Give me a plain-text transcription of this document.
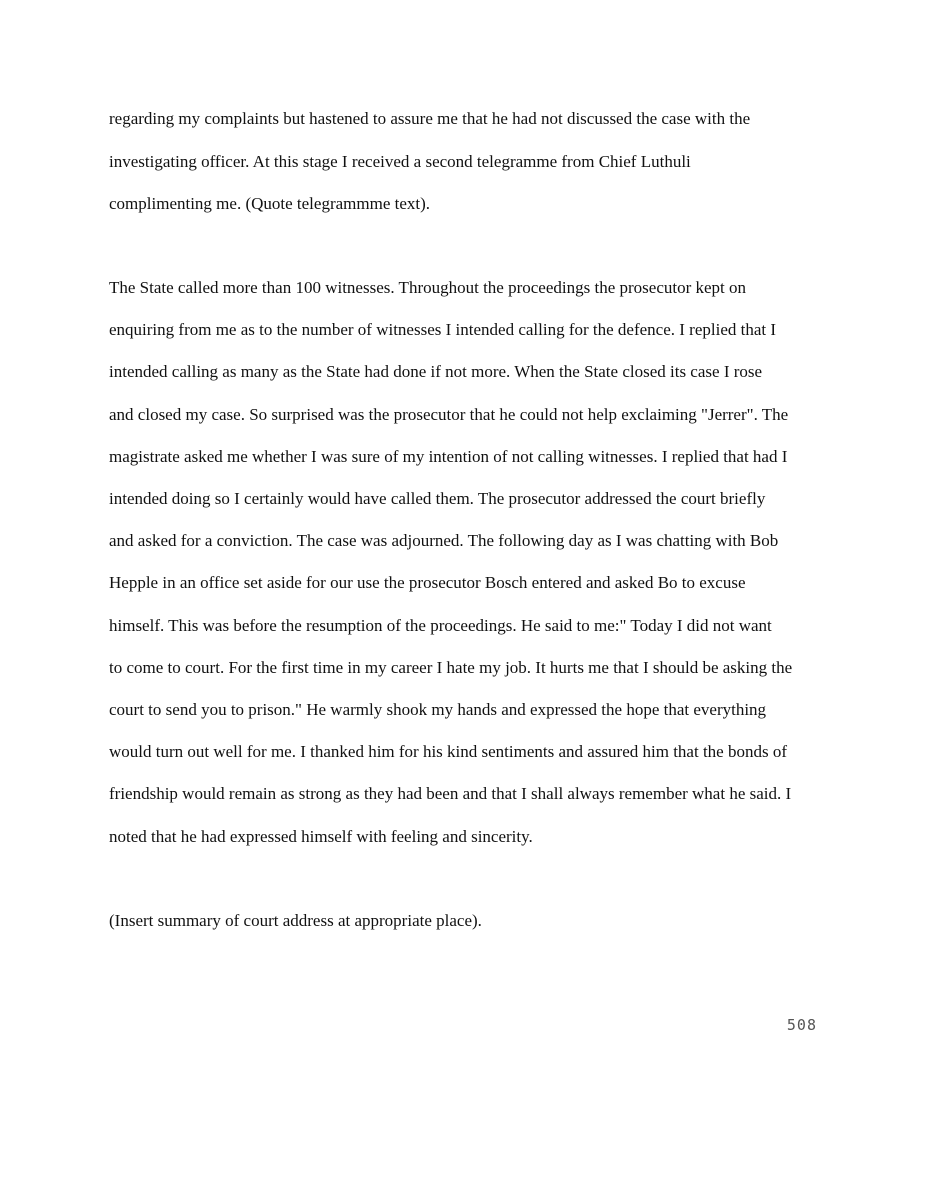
regarding my complaints but hastened to assure me that he had not discussed the case with the

investigating officer. At this stage I received a second telegramme from Chief Luthuli

complimenting me. (Quote telegrammme text).

The State called more than 100 witnesses. Throughout the proceedings the prosecutor kept on

enquiring from me as to the number of witnesses I intended calling for the defence. I replied that I

intended calling as many as the State had done if not more. When the State closed its case I rose

and closed my case. So surprised was the prosecutor that he could not help exclaiming "Jerrer". The

magistrate asked me whether I was sure of my intention of not calling witnesses. I replied that had I

intended doing so I certainly would have called them. The prosecutor addressed the court briefly

and asked for a conviction. The case was adjourned. The following day as I was chatting with Bob

Hepple in an office set aside for our use the prosecutor Bosch entered and asked Bo to excuse

himself. This was before the resumption of the proceedings. He said to me:" Today I did not want

to come to court. For the first time in my career I hate my job. It hurts me that I should be asking the

court to send you to prison." He warmly shook my hands and expressed the hope that everything

would turn out well for me. I thanked him for his kind sentiments and assured him that the bonds of

friendship would remain as strong as they had been and that I shall always remember what he said. I

noted that he had expressed himself with feeling and sincerity.

(Insert summary of court address at appropriate place).

508
